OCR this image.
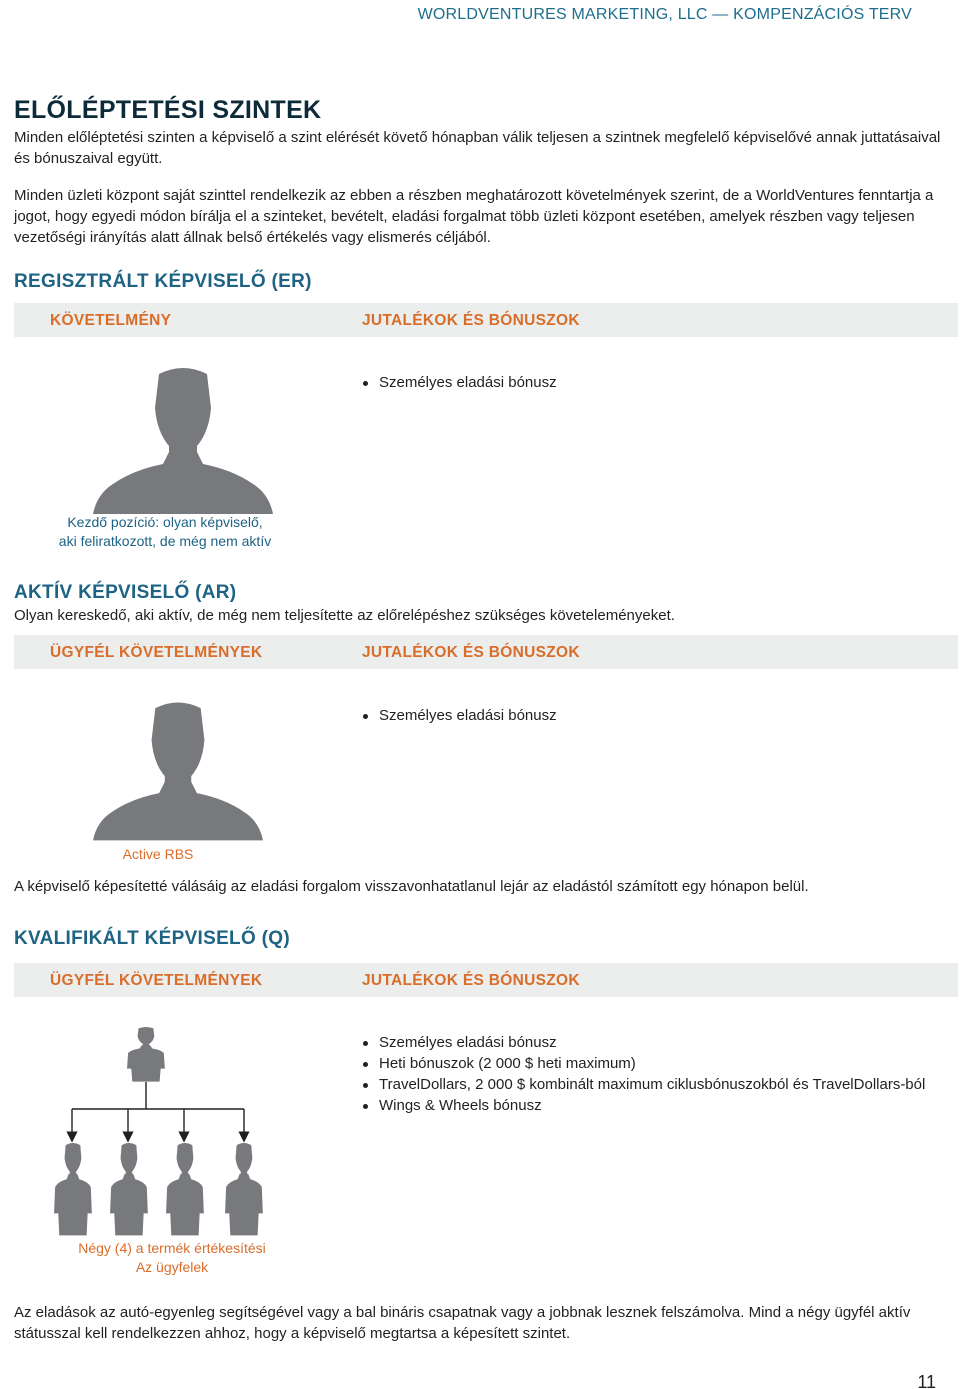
WORLDVENTURES MARKETING, LLC — KOMPENZÁCIÓS TERV
ELŐLÉPTETÉSI SZINTEK

Minden előléptetési szinten a képviselő a szint elérését követő hónapban válik teljesen a szintnek megfelelő képviselővé annak juttatásaival és bónuszaival együtt.

Minden üzleti központ saját szinttel rendelkezik az ebben a részben meghatározott követelmények szerint, de a WorldVentures fenntartja a jogot, hogy egyedi módon bírálja el a szinteket, bevételt, eladási forgalmat több üzleti központ esetében, amelyek részben vagy teljesen vezetőségi irányítás alatt állnak belső értékelés vagy elismerés céljából.

REGISZTRÁLT KÉPVISELŐ (ER)
KÖVETELMÉNY	JUTALÉKOK ÉS BÓNUSZOK
Személyes eladási bónusz
Kezdő pozíció: olyan képviselő,
aki feliratkozott, de még nem aktív
AKTÍV KÉPVISELŐ (AR)

Olyan kereskedő, aki aktív, de még nem teljesítette az előrelépéshez szükséges követeleményeket.

ÜGYFÉL KÖVETELMÉNYEK	JUTALÉKOK ÉS BÓNUSZOK
Személyes eladási bónusz
Active RBS

A képviselő képesítetté válásáig az eladási forgalom visszavonhatatlanul lejár az eladástól számított egy hónapon belül.

KVALIFIKÁLT KÉPVISELŐ (Q)
ÜGYFÉL KÖVETELMÉNYEK	JUTALÉKOK ÉS BÓNUSZOK
Személyes eladási bónusz
Heti bónuszok (2 000 $ heti maximum)
TravelDollars, 2 000 $ kombinált maximum ciklusbónuszokból és TravelDollars-ból
Wings & Wheels bónusz
Négy (4) a termék értékesítési
Az ügyfelek

Az eladások az autó-egyenleg segítségével vagy a bal bináris csapatnak vagy a jobbnak lesznek felszámolva. Mind a négy ügyfél aktív státusszal kell rendelkezzen ahhoz, hogy a képviselő megtartsa a képesített szintet.

11
